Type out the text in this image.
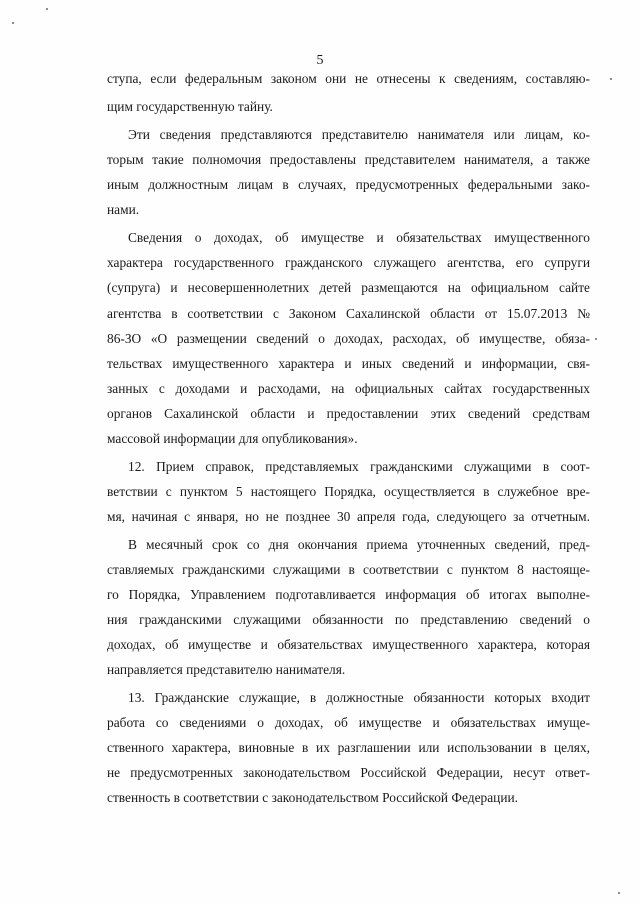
5
ступа, если федеральным законом они не отнесены к сведениям, составляю-
щим государственную тайну.
Эти сведения представляются представителю нанимателя или лицам, ко-
торым такие полномочия предоставлены представителем нанимателя, а также
иным должностным лицам в случаях, предусмотренных федеральными зако-
нами.
Сведения о доходах, об имуществе и обязательствах имущественного
характера государственного гражданского служащего агентства, его супруги
(супруга) и несовершеннолетних детей размещаются на официальном сайте
агентства в соответствии с Законом Сахалинской области от 15.07.2013 №
86-ЗО «О размещении сведений о доходах, расходах, об имуществе, обяза-
тельствах имущественного характера и иных сведений и информации, свя-
занных с доходами и расходами, на официальных сайтах государственных
органов Сахалинской области и предоставлении этих сведений средствам
массовой информации для опубликования».
12. Прием справок, представляемых гражданскими служащими в соот-
ветствии с пунктом 5 настоящего Порядка, осуществляется в служебное вре-
мя, начиная с января, но не позднее 30 апреля года, следующего за отчетным.
В месячный срок со дня окончания приема уточненных сведений, пред-
ставляемых гражданскими служащими в соответствии с пунктом 8 настояще-
го Порядка, Управлением подготавливается информация об итогах выполне-
ния гражданскими служащими обязанности по представлению сведений о
доходах, об имуществе и обязательствах имущественного характера, которая
направляется представителю нанимателя.
13. Гражданские служащие, в должностные обязанности которых входит
работа со сведениями о доходах, об имуществе и обязательствах имуще-
ственного характера, виновные в их разглашении или использовании в целях,
не предусмотренных законодательством Российской Федерации, несут ответ-
ственность в соответствии с законодательством Российской Федерации.
